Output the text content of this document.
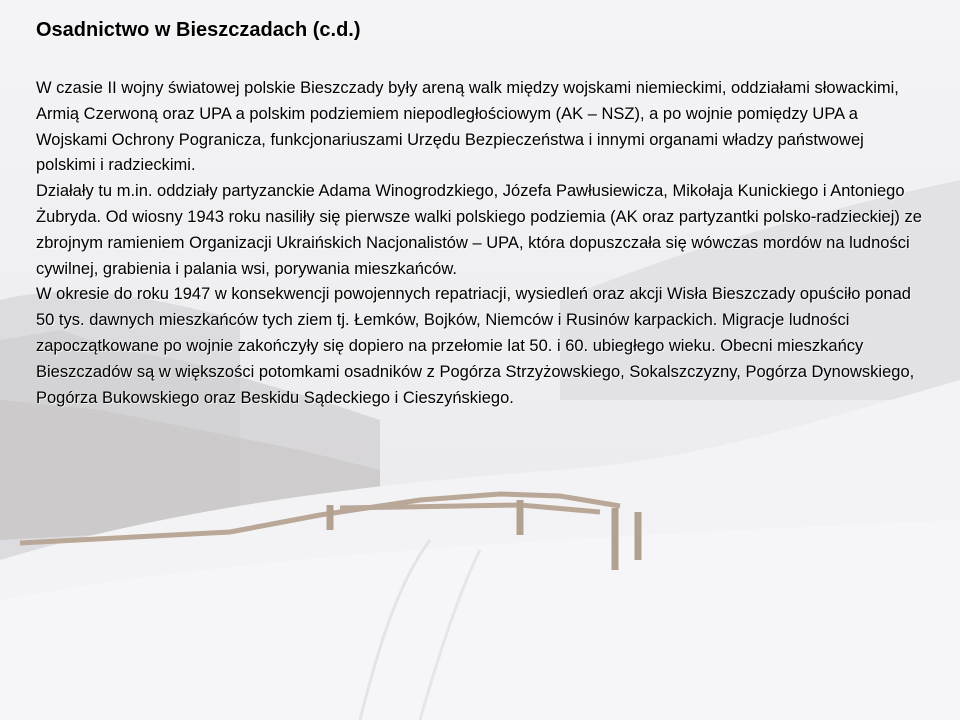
Osadnictwo w Bieszczadach (c.d.)

W czasie II wojny światowej polskie Bieszczady były areną walk między wojskami niemieckimi, oddziałami słowackimi, Armią Czerwoną oraz UPA a polskim podziemiem niepodległościowym (AK – NSZ), a po wojnie pomiędzy UPA a Wojskami Ochrony Pogranicza, funkcjonariuszami Urzędu Bezpieczeństwa i innymi organami władzy państwowej polskimi i radzieckimi.

Działały tu m.in. oddziały partyzanckie Adama Winogrodzkiego, Józefa Pawłusiewicza, Mikołaja Kunickiego i Antoniego Żubryda. Od wiosny 1943 roku nasiliły się pierwsze walki polskiego podziemia (AK oraz partyzantki polsko-radzieckiej) ze zbrojnym ramieniem Organizacji Ukraińskich Nacjonalistów – UPA, która dopuszczała się wówczas mordów na ludności cywilnej, grabienia i palania wsi, porywania mieszkańców.

W okresie do roku 1947 w konsekwencji powojennych repatriacji, wysiedleń oraz akcji Wisła Bieszczady opuściło ponad 50 tys. dawnych mieszkańców tych ziem tj. Łemków, Bojków, Niemców i Rusinów karpackich. Migracje ludności zapoczątkowane po wojnie zakończyły się dopiero na przełomie lat 50. i 60. ubiegłego wieku. Obecni mieszkańcy Bieszczadów są w większości potomkami osadników z Pogórza Strzyżowskiego, Sokalszczyzny, Pogórza Dynowskiego, Pogórza Bukowskiego oraz Beskidu Sądeckiego i Cieszyńskiego.
